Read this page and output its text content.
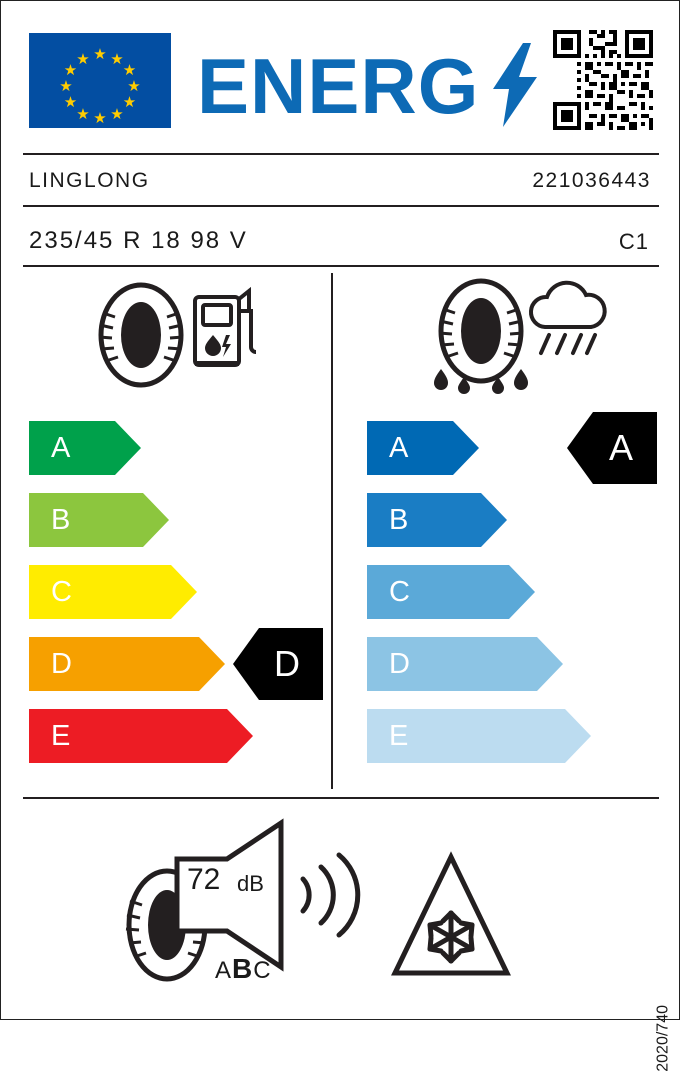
★
★ ★
★	★
★	★
★	★
★ ★
★ ENERG
LINGLONG	221036443
235/45 R 18 98 V	C1
A
B
C
D
E
D
A
B
C
D
E
A
72 dB
ABC
2020/740
